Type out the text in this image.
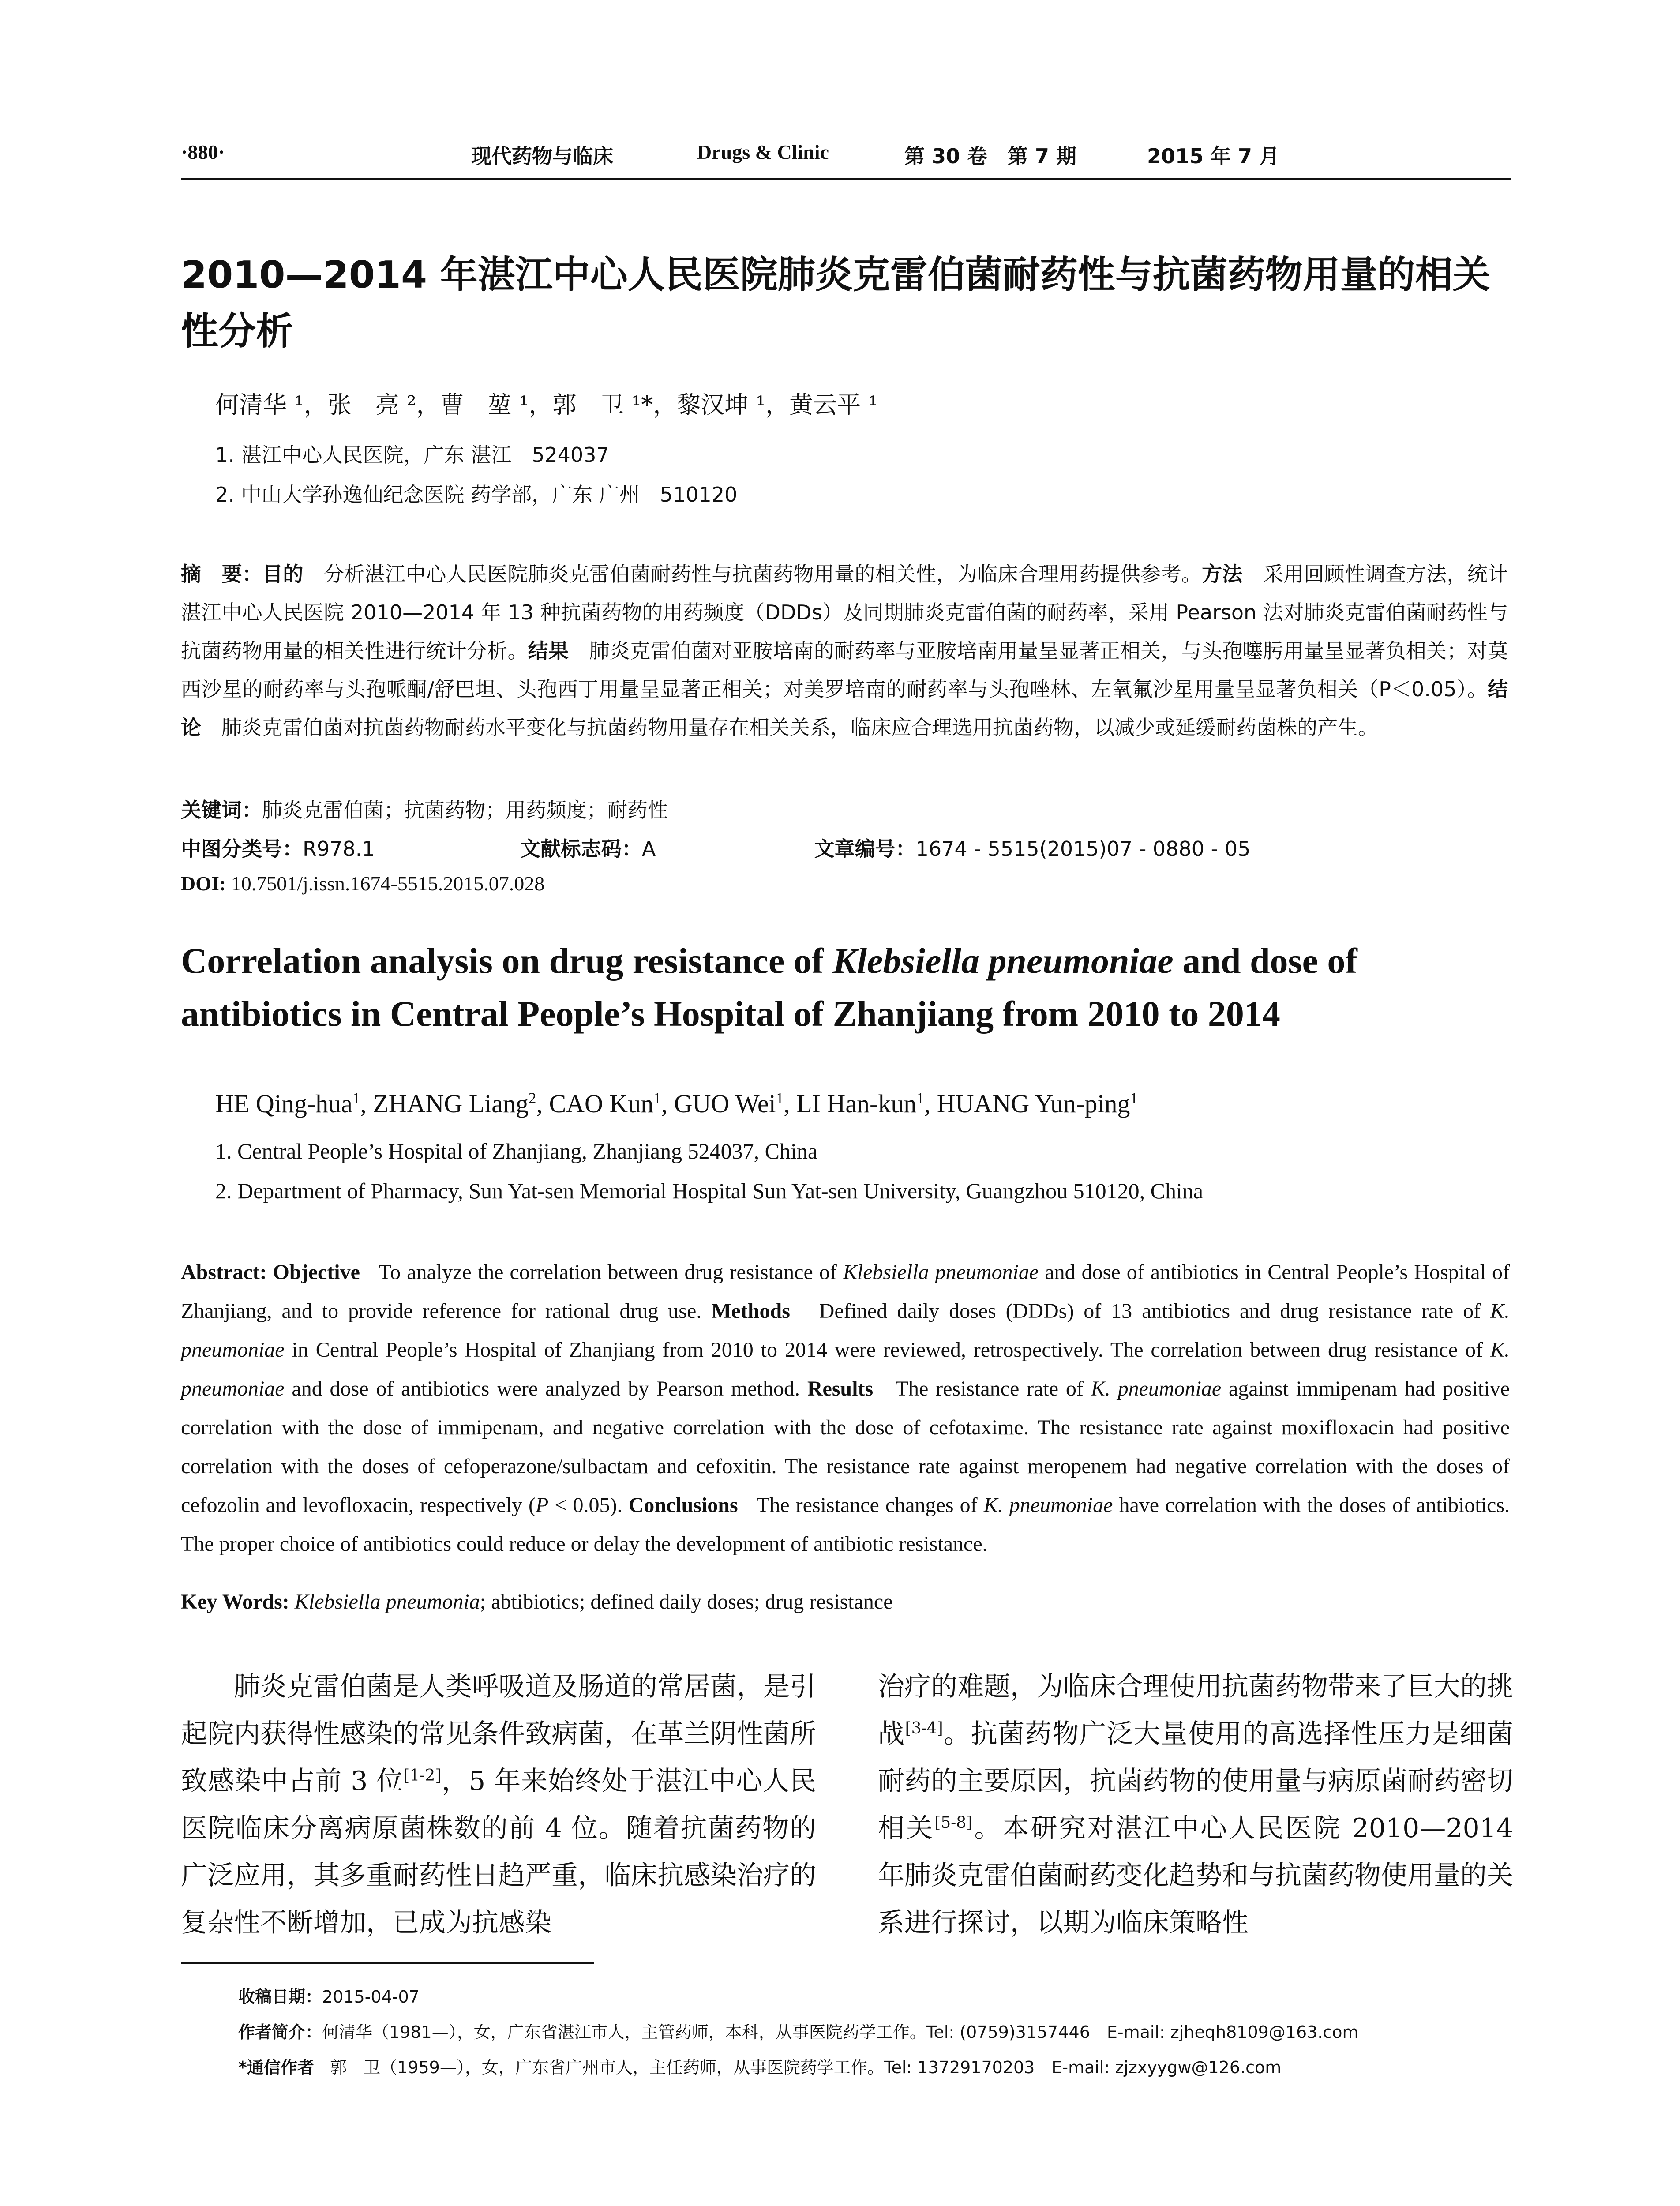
·880·	现代药物与临床	Drugs & Clinic	第 30 卷　第 7 期	2015 年 7 月
2010—2014 年湛江中心人民医院肺炎克雷伯菌耐药性与抗菌药物用量的相关性分析
何清华 ¹，张　亮 ²，曹　堃 ¹，郭　卫 ¹*，黎汉坤 ¹，黄云平 ¹
1. 湛江中心人民医院，广东 湛江　524037
2. 中山大学孙逸仙纪念医院 药学部，广东 广州　510120
摘　要：目的　 分析湛江中心人民医院肺炎克雷伯菌耐药性与抗菌药物用量的相关性，为临床合理用药提供参考。方法　 采用回顾性调查方法，统计湛江中心人民医院 2010—2014 年 13 种抗菌药物的用药频度（DDDs）及同期肺炎克雷伯菌的耐药率，采用 Pearson 法对肺炎克雷伯菌耐药性与抗菌药物用量的相关性进行统计分析。结果　 肺炎克雷伯菌对亚胺培南的耐药率与亚胺培南用量呈显著正相关，与头孢噻肟用量呈显著负相关；对莫西沙星的耐药率与头孢哌酮/舒巴坦、头孢西丁用量呈显著正相关；对美罗培南的耐药率与头孢唑林、左氧氟沙星用量呈显著负相关（P＜0.05）。结论　 肺炎克雷伯菌对抗菌药物耐药水平变化与抗菌药物用量存在相关关系，临床应合理选用抗菌药物，以减少或延缓耐药菌株的产生。
关键词：肺炎克雷伯菌；抗菌药物；用药频度；耐药性
中图分类号：R978.1	文献标志码：A	文章编号：1674 - 5515(2015)07 - 0880 - 05
DOI: 10.7501/j.issn.1674-5515.2015.07.028
Correlation analysis on drug resistance of Klebsiella pneumoniae and dose of antibiotics in Central People’s Hospital of Zhanjiang from 2010 to 2014
HE Qing-hua$^1$, ZHANG Liang$^2$, CAO Kun$^1$, GUO Wei$^1$, LI Han-kun$^1$, HUANG Yun-ping$^1$
1. Central People’s Hospital of Zhanjiang, Zhanjiang 524037, China
2. Department of Pharmacy, Sun Yat-sen Memorial Hospital Sun Yat-sen University, Guangzhou 510120, China
Abstract: Objective To analyze the correlation between drug resistance of Klebsiella pneumoniae and dose of antibiotics in Central People’s Hospital of Zhanjiang, and to provide reference for rational drug use. Methods Defined daily doses (DDDs) of 13 antibiotics and drug resistance rate of K. pneumoniae in Central People’s Hospital of Zhanjiang from 2010 to 2014 were reviewed, retrospectively. The correlation between drug resistance of K. pneumoniae and dose of antibiotics were analyzed by Pearson method. Results The resistance rate of K. pneumoniae against immipenam had positive correlation with the dose of immipenam, and negative correlation with the dose of cefotaxime. The resistance rate against moxifloxacin had positive correlation with the doses of cefoperazone/sulbactam and cefoxitin. The resistance rate against meropenem had negative correlation with the doses of cefozolin and levofloxacin, respectively (P < 0.05). Conclusions The resistance changes of K. pneumoniae have correlation with the doses of antibiotics. The proper choice of antibiotics could reduce or delay the development of antibiotic resistance.
Key Words: Klebsiella pneumonia; abtibiotics; defined daily doses; drug resistance
肺炎克雷伯菌是人类呼吸道及肠道的常居菌，是引起院内获得性感染的常见条件致病菌，在革兰阴性菌所致感染中占前 3 位[1-2]，5 年来始终处于湛江中心人民医院临床分离病原菌株数的前 4 位。随着抗菌药物的广泛应用，其多重耐药性日趋严重，临床抗感染治疗的复杂性不断增加，已成为抗感染
治疗的难题，为临床合理使用抗菌药物带来了巨大的挑战[3-4]。抗菌药物广泛大量使用的高选择性压力是细菌耐药的主要原因，抗菌药物的使用量与病原菌耐药密切相关[5-8]。本研究对湛江中心人民医院 2010—2014 年肺炎克雷伯菌耐药变化趋势和与抗菌药物使用量的关系进行探讨，以期为临床策略性
收稿日期：2015-04-07
作者简介：何清华（1981—），女，广东省湛江市人，主管药师，本科，从事医院药学工作。Tel: (0759)3157446　E-mail: zjheqh8109@163.com
*通信作者 郭　卫（1959—），女，广东省广州市人，主任药师，从事医院药学工作。Tel: 13729170203　E-mail: zjzxyygw@126.com
